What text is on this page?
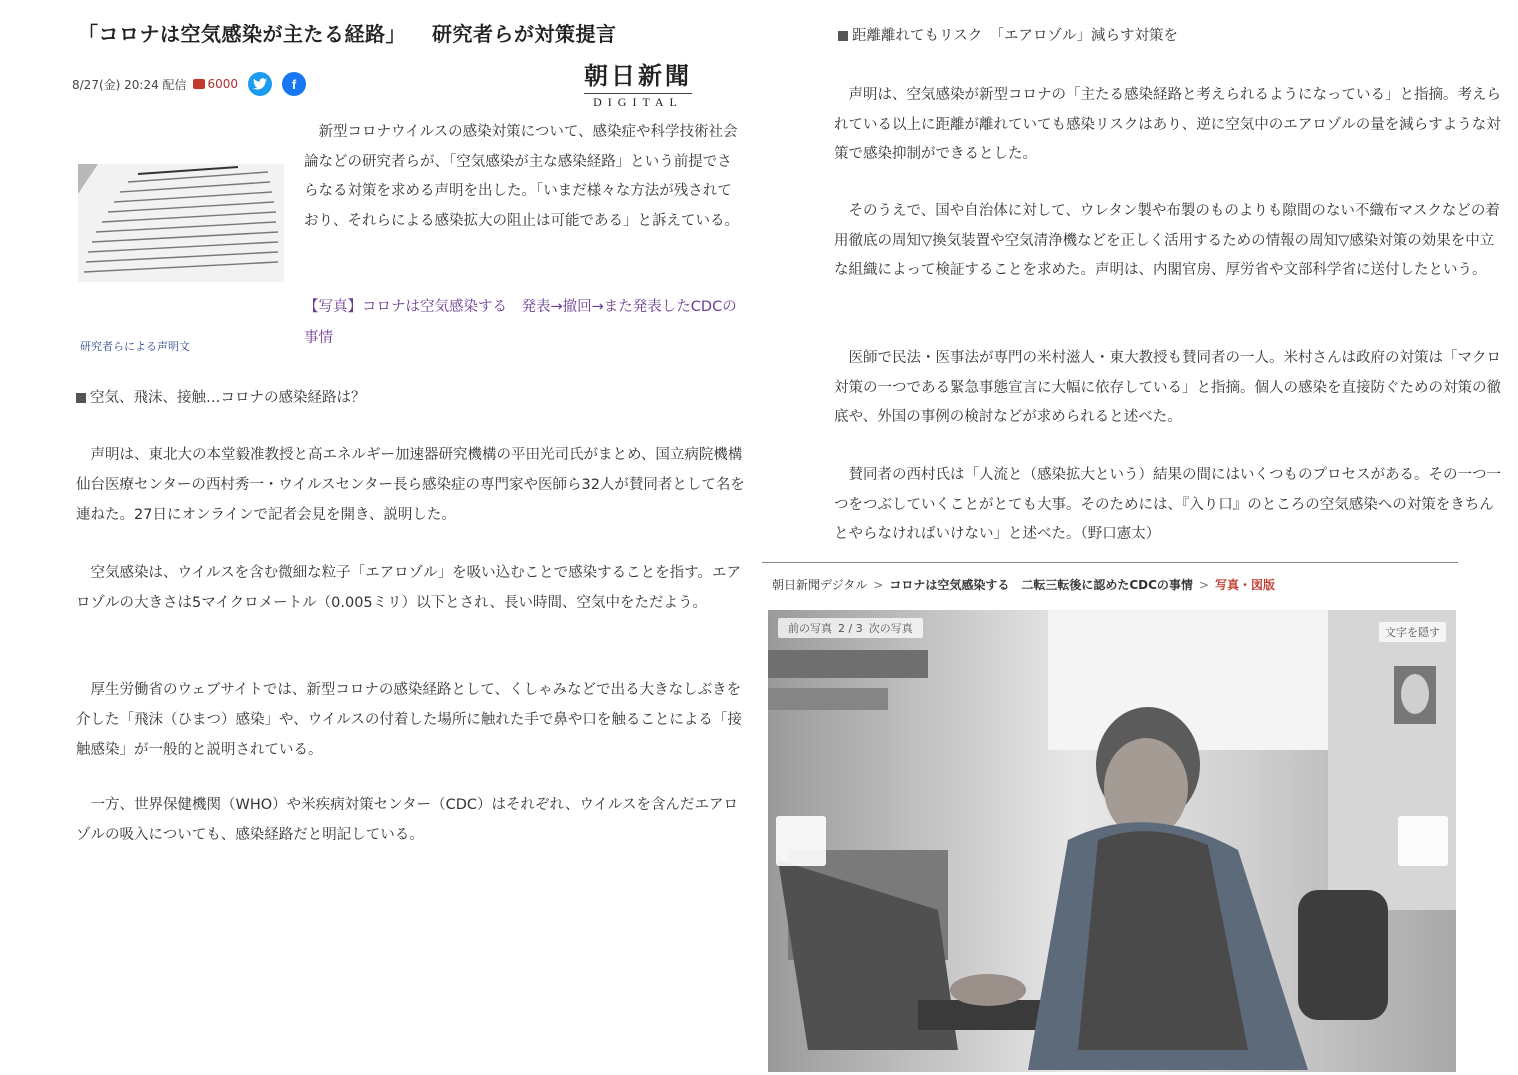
「コロナは空気感染が主たる経路」 研究者らが対策提言
8/27(金) 20:24 配信 6000	f	朝日新聞
DIGITAL
研究者らによる声明文
新型コロナウイルスの感染対策について、感染症や科学技術社会論などの研究者らが、「空気感染が主な感染経路」という前提でさらなる対策を求める声明を出した。「いまだ様々な方法が残されており、それらによる感染拡大の阻止は可能である」と訴えている。
【写真】コロナは空気感染する　発表→撤回→また発表したCDCの事情
空気、飛沫、接触…コロナの感染経路は？

声明は、東北大の本堂毅准教授と高エネルギー加速器研究機構の平田光司氏がまとめ、国立病院機構仙台医療センターの西村秀一・ウイルスセンター長ら感染症の専門家や医師ら32人が賛同者として名を連ねた。27日にオンラインで記者会見を開き、説明した。

空気感染は、ウイルスを含む微細な粒子「エアロゾル」を吸い込むことで感染することを指す。エアロゾルの大きさは5マイクロメートル（0.005ミリ）以下とされ、長い時間、空気中をただよう。

厚生労働省のウェブサイトでは、新型コロナの感染経路として、くしゃみなどで出る大きなしぶきを介した「飛沫（ひまつ）感染」や、ウイルスの付着した場所に触れた手で鼻や口を触ることによる「接触感染」が一般的と説明されている。

一方、世界保健機関（WHO）や米疾病対策センター（CDC）はそれぞれ、ウイルスを含んだエアロゾルの吸入についても、感染経路だと明記している。

距離離れてもリスク　「エアロゾル」減らす対策を

声明は、空気感染が新型コロナの「主たる感染経路と考えられるようになっている」と指摘。考えられている以上に距離が離れていても感染リスクはあり、逆に空気中のエアロゾルの量を減らすような対策で感染抑制ができるとした。

そのうえで、国や自治体に対して、ウレタン製や布製のものよりも隙間のない不織布マスクなどの着用徹底の周知▽換気装置や空気清浄機などを正しく活用するための情報の周知▽感染対策の効果を中立な組織によって検証することを求めた。声明は、内閣官房、厚労省や文部科学省に送付したという。

医師で民法・医事法が専門の米村滋人・東大教授も賛同者の一人。米村さんは政府の対策は「マクロ対策の一つである緊急事態宣言に大幅に依存している」と指摘。個人の感染を直接防ぐための対策の徹底や、外国の事例の検討などが求められると述べた。

賛同者の西村氏は「人流と（感染拡大という）結果の間にはいくつものプロセスがある。その一つ一つをつぶしていくことがとても大事。そのためには、『入り口』のところの空気感染への対策をきちんとやらなければいけない」と述べた。（野口憲太）

朝日新聞デジタル > コロナは空気感染する　二転三転後に認めたCDCの事情 > 写真・図版
前の写真 2 / 3 次の写真	文字を隠す
